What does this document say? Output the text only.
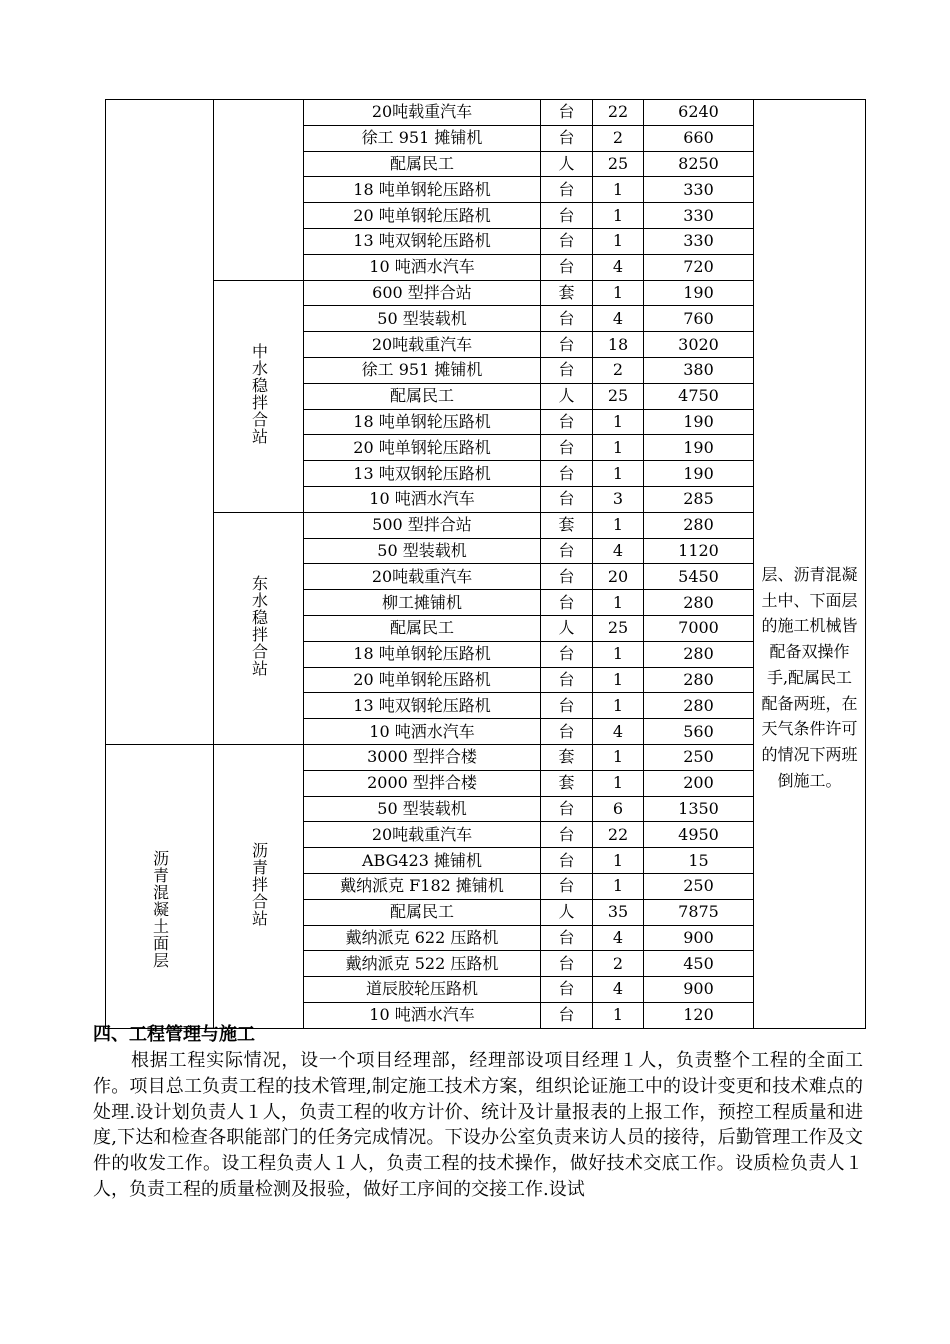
		20吨载重汽车	台	22	6240	层、沥青混凝土中、下面层的施工机械皆配备双操作手,配属民工配备两班，在天气条件许可的情况下两班倒施工。

		徐工 951 摊铺机	台	2	660	
		配属民工	人	25	8250	
		18 吨单钢轮压路机	台	1	330	
		20 吨单钢轮压路机	台	1	330	
		13 吨双钢轮压路机	台	1	330	
		10 吨洒水汽车	台	4	720	
	中水稳拌合站	600 型拌合站	套	1	190	
		50 型装载机	台	4	760	
		20吨载重汽车	台	18	3020	
		徐工 951 摊铺机	台	2	380	
		配属民工	人	25	4750	
		18 吨单钢轮压路机	台	1	190	
		20 吨单钢轮压路机	台	1	190	
		13 吨双钢轮压路机	台	1	190	
		10 吨洒水汽车	台	3	285	
	东水稳拌合站	500 型拌合站	套	1	280	
		50 型装载机	台	4	1120	
		20吨载重汽车	台	20	5450	
		柳工摊铺机	台	1	280	
		配属民工	人	25	7000	
		18 吨单钢轮压路机	台	1	280	
		20 吨单钢轮压路机	台	1	280	
		13 吨双钢轮压路机	台	1	280	
		10 吨洒水汽车	台	4	560	
沥青混凝土面层	沥青拌合站	3000 型拌合楼	套	1	250	
		2000 型拌合楼	套	1	200	
		50 型装载机	台	6	1350	
		20吨载重汽车	台	22	4950	
		ABG423 摊铺机	台	1	15	
		戴纳派克 F182 摊铺机	台	1	250	
		配属民工	人	35	7875	
		戴纳派克 622 压路机	台	4	900	
		戴纳派克 522 压路机	台	2	450	
		道辰胶轮压路机	台	4	900	
		10 吨洒水汽车	台	1	120	

四、工程管理与施工

根据工程实际情况，设一个项目经理部，经理部设项目经理１人，负责整个工程的全面工作。项目总工负责工程的技术管理,制定施工技术方案，组织论证施工中的设计变更和技术难点的处理.设计划负责人１人，负责工程的收方计价、统计及计量报表的上报工作，预控工程质量和进度,下达和检查各职能部门的任务完成情况。下设办公室负责来访人员的接待，后勤管理工作及文件的收发工作。设工程负责人１人，负责工程的技术操作，做好技术交底工作。设质检负责人１人，负责工程的质量检测及报验，做好工序间的交接工作.设试
